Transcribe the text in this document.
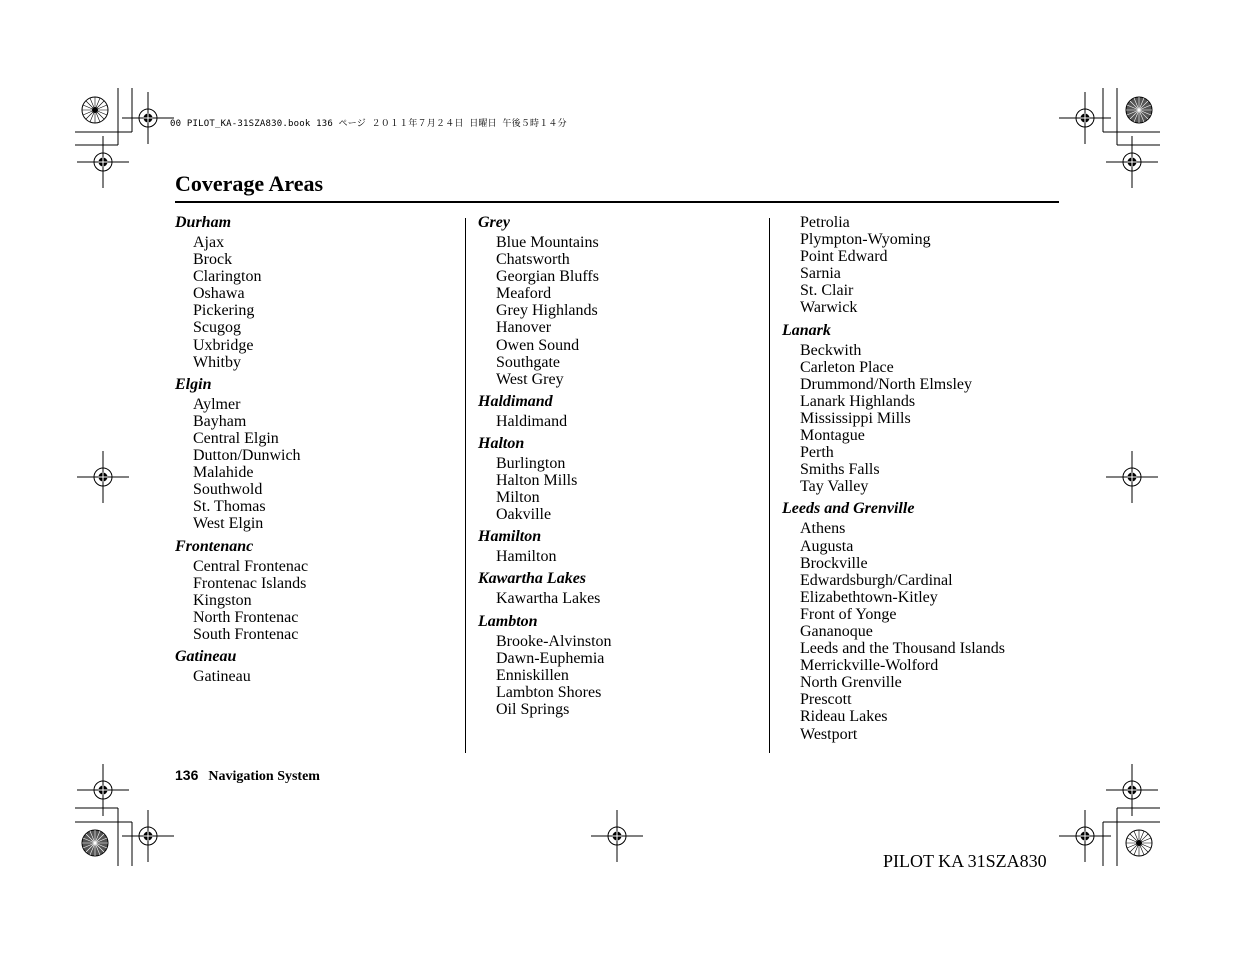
00 PILOT_KA-31SZA830.book 136 ページ ２０１１年７月２４日 日曜日 午後５時１４分
Coverage Areas
Durham
Ajax
Brock
Clarington
Oshawa
Pickering
Scugog
Uxbridge
Whitby
Elgin
Aylmer
Bayham
Central Elgin
Dutton/Dunwich
Malahide
Southwold
St. Thomas
West Elgin
Frontenanc
Central Frontenac
Frontenac Islands
Kingston
North Frontenac
South Frontenac
Gatineau
Gatineau
Grey
Blue Mountains
Chatsworth
Georgian Bluffs
Meaford
Grey Highlands
Hanover
Owen Sound
Southgate
West Grey
Haldimand
Haldimand
Halton
Burlington
Halton Mills
Milton
Oakville
Hamilton
Hamilton
Kawartha Lakes
Kawartha Lakes
Lambton
Brooke-Alvinston
Dawn-Euphemia
Enniskillen
Lambton Shores
Oil Springs
Petrolia
Plympton-Wyoming
Point Edward
Sarnia
St. Clair
Warwick
Lanark
Beckwith
Carleton Place
Drummond/North Elmsley
Lanark Highlands
Mississippi Mills
Montague
Perth
Smiths Falls
Tay Valley
Leeds and Grenville
Athens
Augusta
Brockville
Edwardsburgh/Cardinal
Elizabethtown-Kitley
Front of Yonge
Gananoque
Leeds and the Thousand Islands
Merrickville-Wolford
North Grenville
Prescott
Rideau Lakes
Westport
136 Navigation System
PILOT KA 31SZA830
